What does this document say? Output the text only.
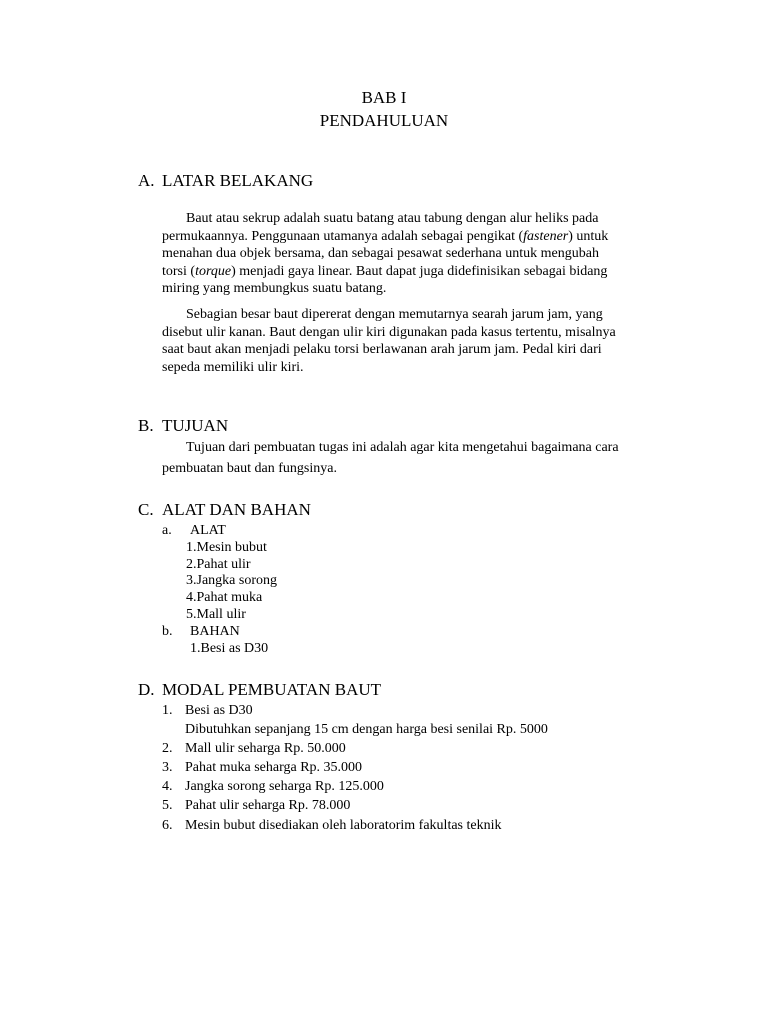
BAB I
PENDAHULUAN
A. LATAR BELAKANG
Baut atau sekrup adalah suatu batang atau tabung dengan alur heliks pada
permukaannya. Penggunaan utamanya adalah sebagai pengikat (fastener) untuk
menahan dua objek bersama, dan sebagai pesawat sederhana untuk mengubah
torsi (torque) menjadi gaya linear. Baut dapat juga didefinisikan sebagai bidang
miring yang membungkus suatu batang.
Sebagian besar baut dipererat dengan memutarnya searah jarum jam, yang
disebut ulir kanan. Baut dengan ulir kiri digunakan pada kasus tertentu, misalnya
saat baut akan menjadi pelaku torsi berlawanan arah jarum jam. Pedal kiri dari
sepeda memiliki ulir kiri.
B. TUJUAN
Tujuan dari pembuatan tugas ini adalah agar kita mengetahui bagaimana cara
pembuatan baut dan fungsinya.
C. ALAT DAN BAHAN
a. ALAT
1.Mesin bubut
2.Pahat ulir
3.Jangka sorong
4.Pahat muka
5.Mall ulir
b. BAHAN
1.Besi as D30
D. MODAL PEMBUATAN BAUT
1. Besi as D30
Dibutuhkan sepanjang 15 cm dengan harga besi senilai Rp. 5000
2. Mall ulir seharga Rp. 50.000
3. Pahat muka seharga Rp. 35.000
4. Jangka sorong seharga Rp. 125.000
5. Pahat ulir seharga Rp. 78.000
6. Mesin bubut disediakan oleh laboratorim fakultas teknik
